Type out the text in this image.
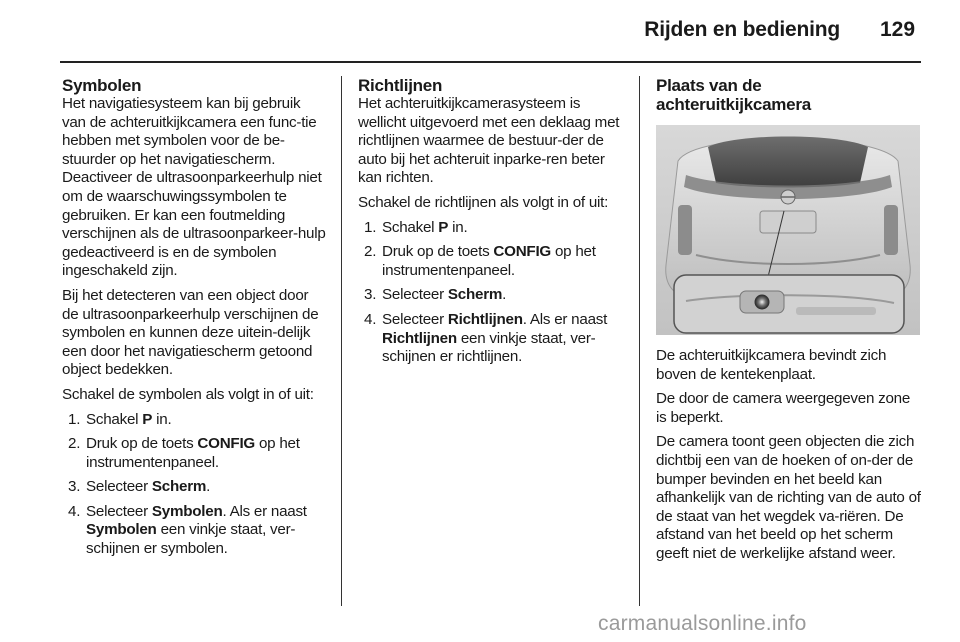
Rijden en bediening 129
Symbolen

Het navigatiesysteem kan bij gebruik van de achteruitkijkcamera een func-tie hebben met symbolen voor de be-stuurder op het navigatiescherm. Deactiveer de ultrasoonparkeerhulp niet om de waarschuwingssymbolen te gebruiken. Er kan een foutmelding verschijnen als de ultrasoonparkeer-hulp gedeactiveerd is en de symbolen ingeschakeld zijn.

Bij het detecteren van een object door de ultrasoonparkeerhulp verschijnen de symbolen en kunnen deze uitein-delijk een door het navigatiescherm getoond object bedekken.

Schakel de symbolen als volgt in of uit:

1. Schakel P in.
2. Druk op de toets CONFIG op het instrumentenpaneel.
3. Selecteer Scherm.
4. Selecteer Symbolen. Als er naast Symbolen een vinkje staat, ver-schijnen er symbolen.
Richtlijnen

Het achteruitkijkcamerasysteem is wellicht uitgevoerd met een deklaag met richtlijnen waarmee de bestuur-der de auto bij het achteruit inparke-ren beter kan richten.

Schakel de richtlijnen als volgt in of uit:

1. Schakel P in.
2. Druk op de toets CONFIG op het instrumentenpaneel.
3. Selecteer Scherm.
4. Selecteer Richtlijnen. Als er naast Richtlijnen een vinkje staat, ver-schijnen er richtlijnen.
Plaats van de
achteruitkijkcamera

De achteruitkijkcamera bevindt zich boven de kentekenplaat.

De door de camera weergegeven zone is beperkt.

De camera toont geen objecten die zich dichtbij een van de hoeken of on-der de bumper bevinden en het beeld kan afhankelijk van de richting van de auto of de staat van het wegdek va-riëren. De afstand van het beeld op het scherm geeft niet de werkelijke afstand weer.

carmanualsonline.info
